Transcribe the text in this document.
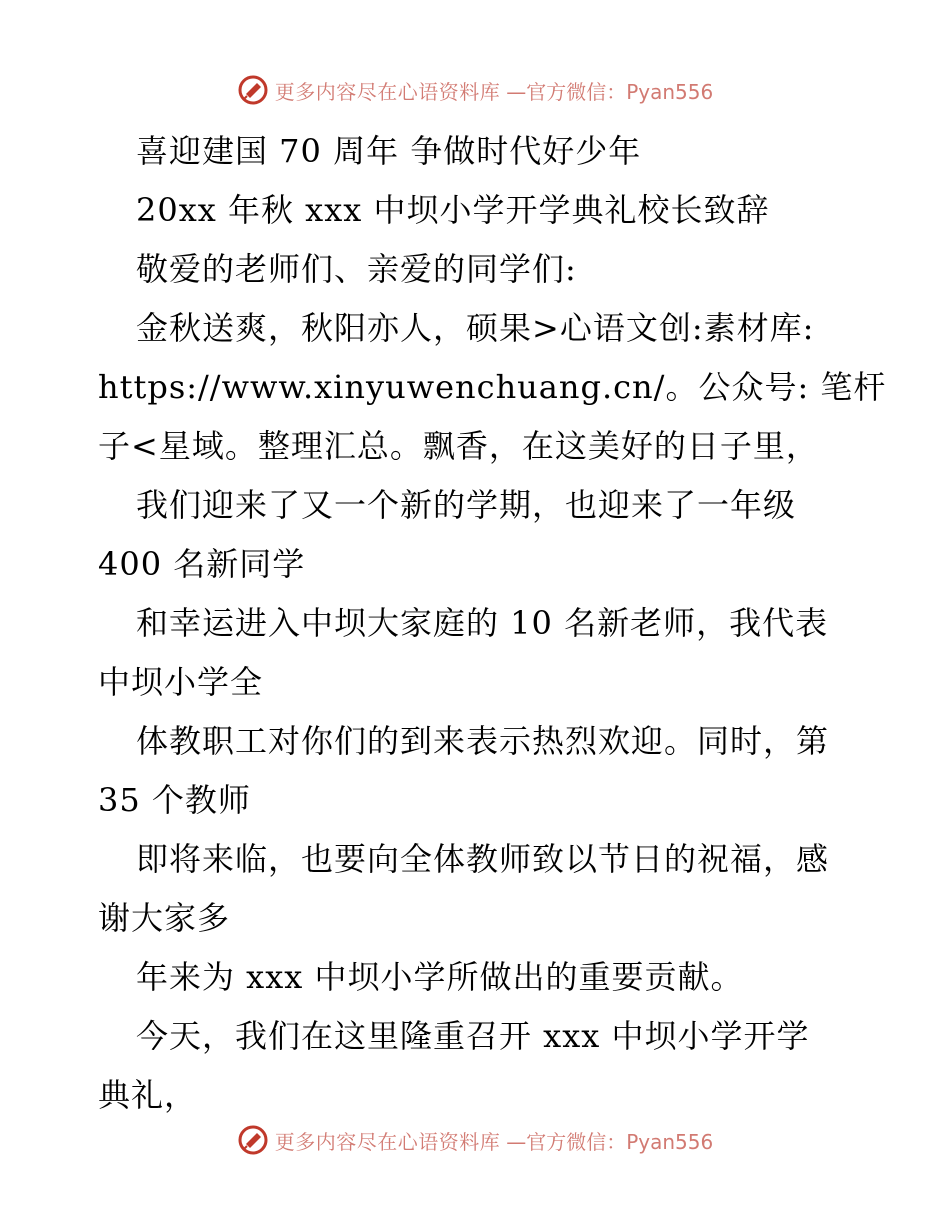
更多内容尽在心语资料库 —官方微信：Pyan556
喜迎建国 70 周年 争做时代好少年
20xx 年秋 xxx 中坝小学开学典礼校长致辞
敬爱的老师们、亲爱的同学们:
金秋送爽，秋阳亦人，硕果>心语文创:素材库:
https://www.xinyuwenchuang.cn/。公众号: 笔杆
子<星域。整理汇总。飘香，在这美好的日子里，
我们迎来了又一个新的学期，也迎来了一年级
400 名新同学
和幸运进入中坝大家庭的 10 名新老师，我代表
中坝小学全
体教职工对你们的到来表示热烈欢迎。同时，第
35 个教师
即将来临，也要向全体教师致以节日的祝福，感
谢大家多
年来为 xxx 中坝小学所做出的重要贡献。
今天，我们在这里隆重召开 xxx 中坝小学开学
典礼，
更多内容尽在心语资料库 —官方微信：Pyan556
